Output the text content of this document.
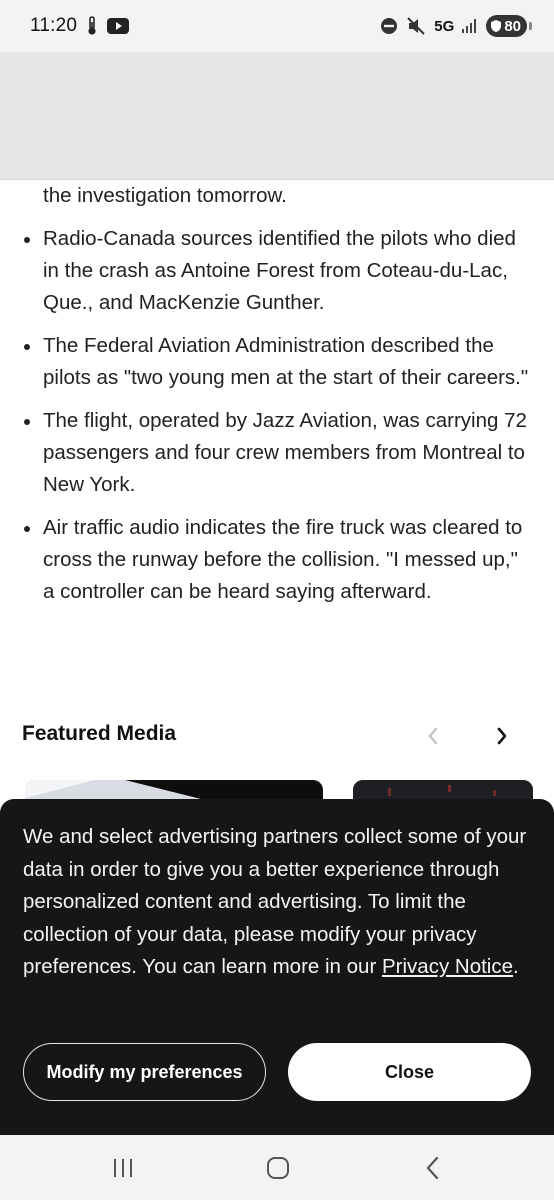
11:20	5G	80
the investigation tomorrow.
Radio-Canada sources identified the pilots who died in the crash as Antoine Forest from Coteau-du-Lac, Que., and MacKenzie Gunther.
The Federal Aviation Administration described the pilots as "two young men at the start of their careers."
The flight, operated by Jazz Aviation, was carrying 72 passengers and four crew members from Montreal to New York.
Air traffic audio indicates the fire truck was cleared to cross the runway before the collision. "I messed up," a controller can be heard saying afterward.
Featured Media

We and select advertising partners collect some of your data in order to give you a better experience through personalized content and advertising. To limit the collection of your data, please modify your privacy preferences. You can learn more in our Privacy Notice.

Modify my preferences	Close
